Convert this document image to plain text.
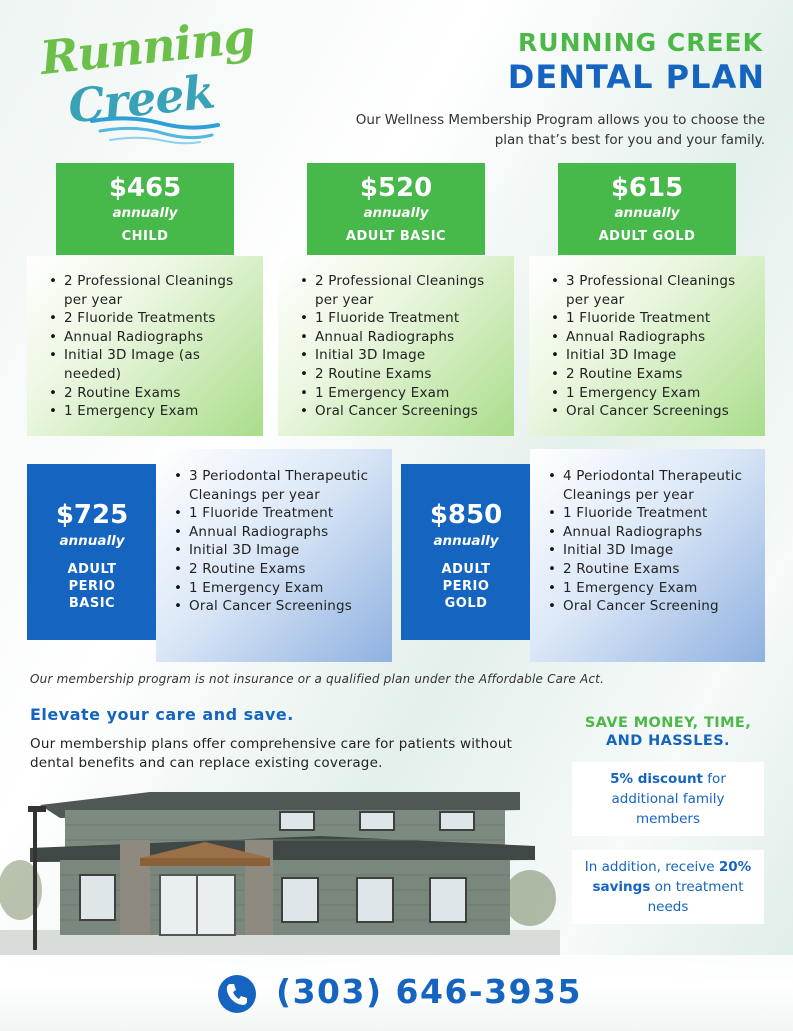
Running
Creek
RUNNING CREEK
DENTAL PLAN
Our Wellness Membership Program allows you to choose the plan that’s best for you and your family.
$465
annually
CHILD
• 2 Professional Cleanings per year
• 2 Fluoride Treatments
• Annual Radiographs
• Initial 3D Image (as needed)
• 2 Routine Exams
• 1 Emergency Exam
$520
annually
ADULT BASIC
• 2 Professional Cleanings per year
• 1 Fluoride Treatment
• Annual Radiographs
• Initial 3D Image
• 2 Routine Exams
• 1 Emergency Exam
• Oral Cancer Screenings
$615
annually
ADULT GOLD
• 3 Professional Cleanings per year
• 1 Fluoride Treatment
• Annual Radiographs
• Initial 3D Image
• 2 Routine Exams
• 1 Emergency Exam
• Oral Cancer Screenings
$725
annually
ADULT
PERIO
BASIC
• 3 Periodontal Therapeutic Cleanings per year
• 1 Fluoride Treatment
• Annual Radiographs
• Initial 3D Image
• 2 Routine Exams
• 1 Emergency Exam
• Oral Cancer Screenings
$850
annually
ADULT
PERIO
GOLD
• 4 Periodontal Therapeutic Cleanings per year
• 1 Fluoride Treatment
• Annual Radiographs
• Initial 3D Image
• 2 Routine Exams
• 1 Emergency Exam
• Oral Cancer Screening
Our membership program is not insurance or a qualified plan under the Affordable Care Act.
Elevate your care and save.
Our membership plans offer comprehensive care for patients without dental benefits and can replace existing coverage.
SAVE MONEY, TIME,
AND HASSLES.
5% discount for additional family members
In addition, receive 20% savings on treatment needs
(303) 646-3935
